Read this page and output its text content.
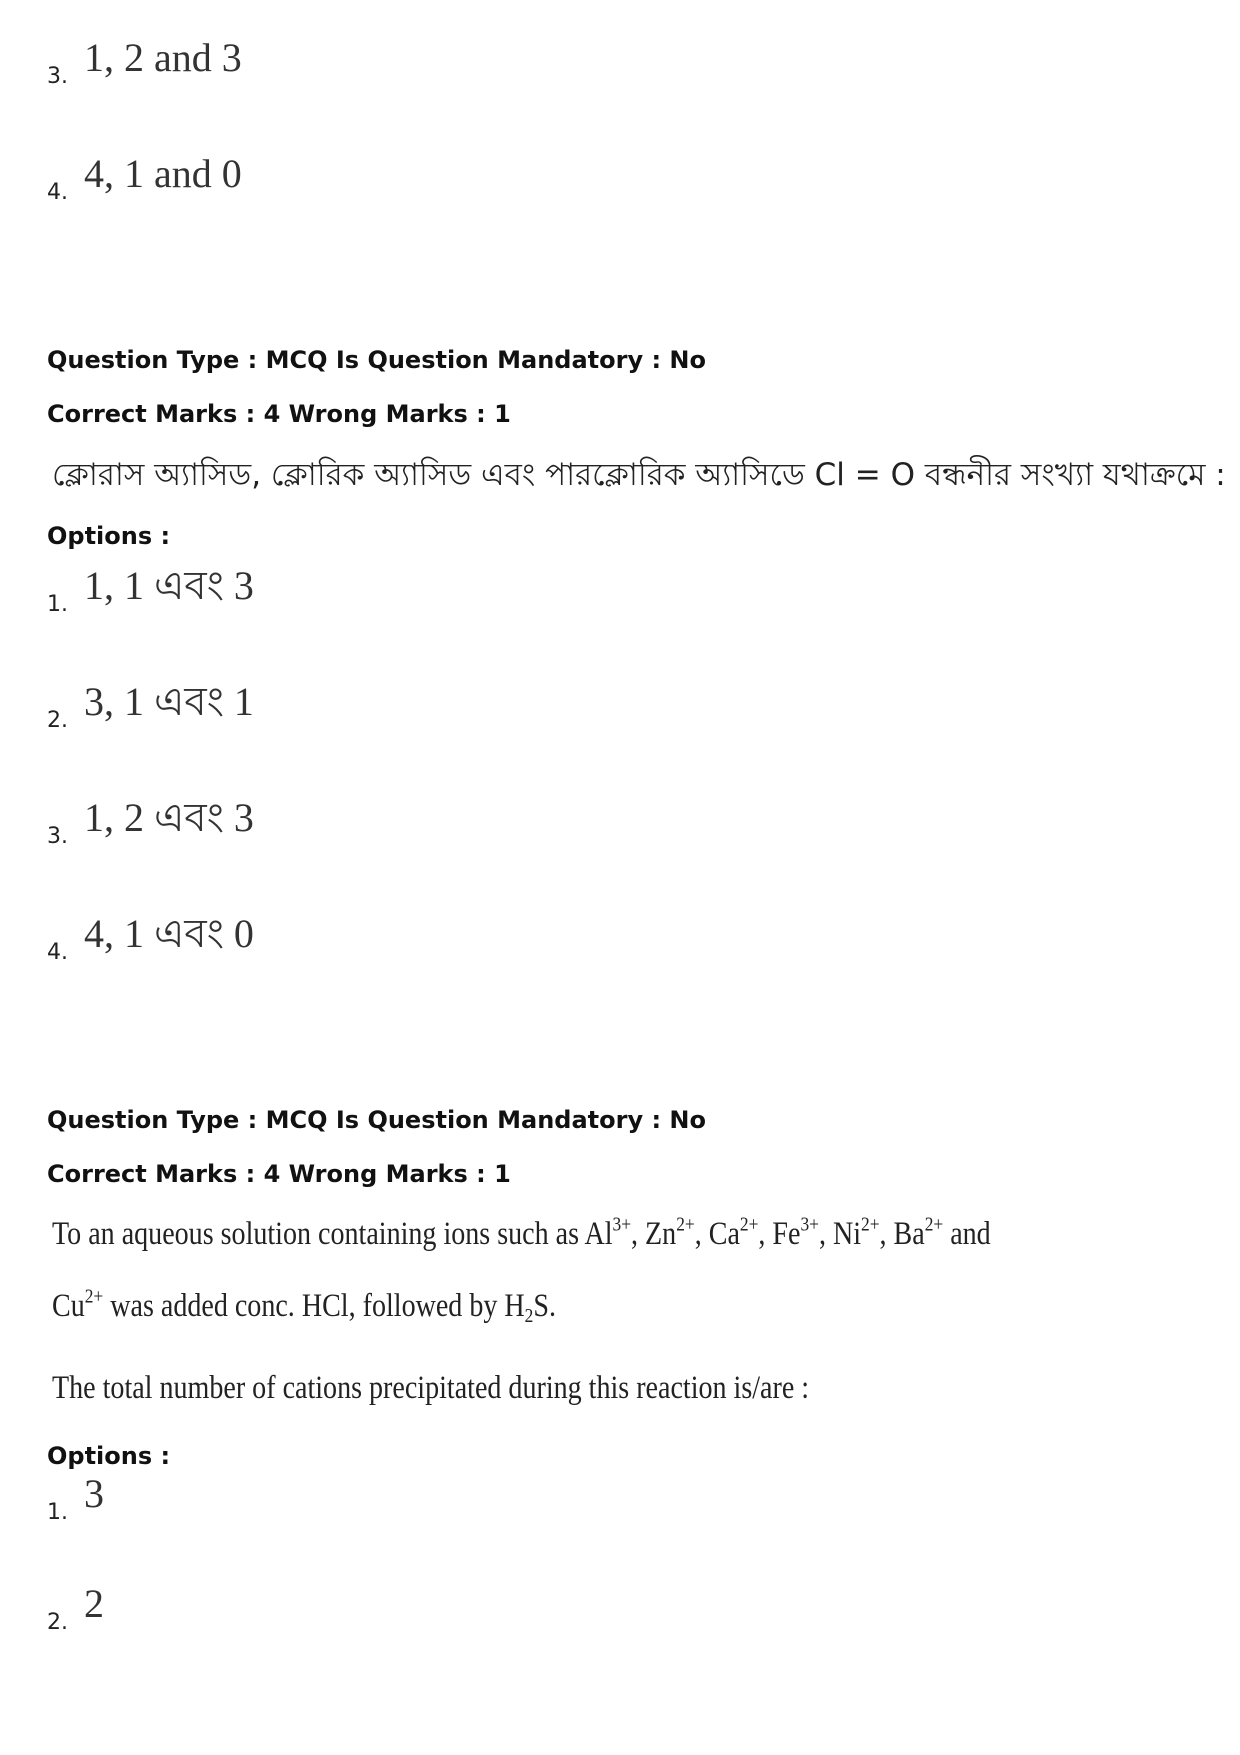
3. 1, 2 and 3
4. 4, 1 and 0
Question Type : MCQ Is Question Mandatory : No
Correct Marks : 4 Wrong Marks : 1
ক্লোরাস অ্যাসিড, ক্লোরিক অ্যাসিড এবং পারক্লোরিক অ্যাসিডে Cl = O বন্ধনীর সংখ্যা যথাক্রমে :
Options :
1. 1, 1 এবং 3
2. 3, 1 এবং 1
3. 1, 2 এবং 3
4. 4, 1 এবং 0
Question Type : MCQ Is Question Mandatory : No
Correct Marks : 4 Wrong Marks : 1
To an aqueous solution containing ions such as $Al^{3+}$, $Zn^{2+}$, $Ca^{2+}$, $Fe^{3+}$, $Ni^{2+}$, $Ba^{2+}$ and
$Cu^{2+}$ was added conc. HCl, followed by $H_2S$.
The total number of cations precipitated during this reaction is/are :
Options :
1. 3
2. 2
